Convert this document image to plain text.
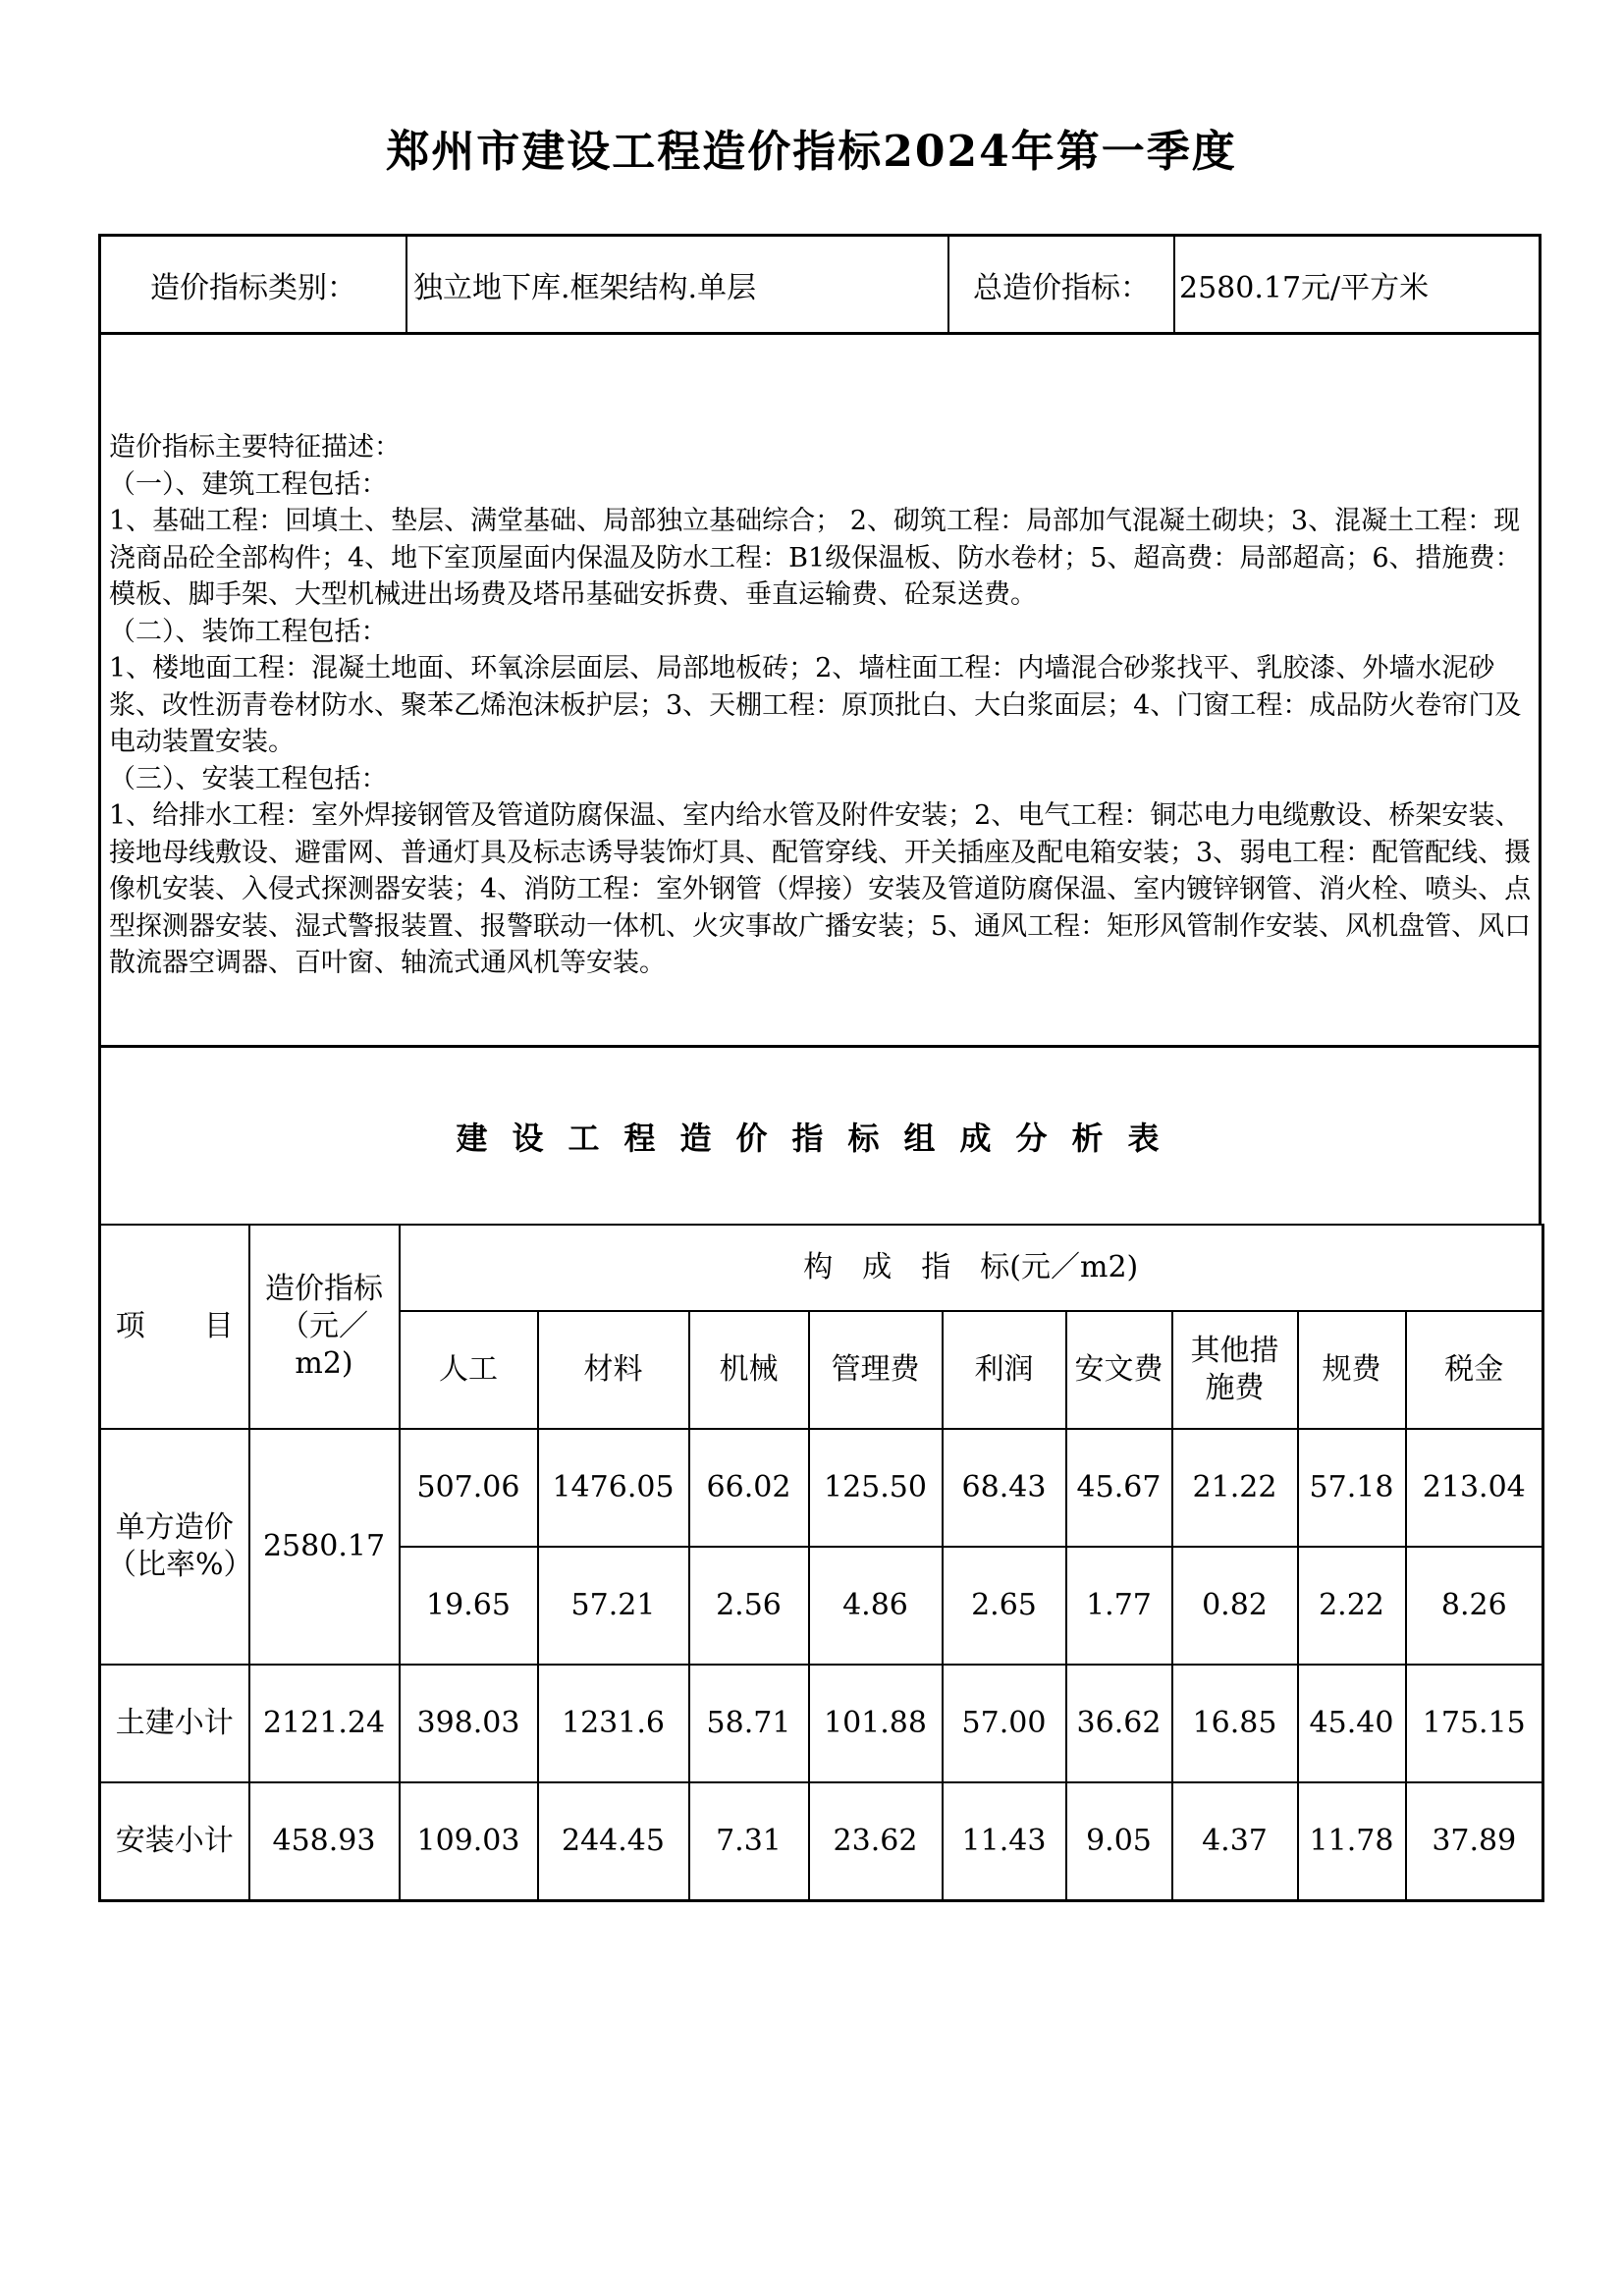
郑州市建设工程造价指标2024年第一季度
造价指标类别：	独立地下库.框架结构.单层	总造价指标：	2580.17元/平方米

造价指标主要特征描述：

（一）、建筑工程包括：

1、基础工程：回填土、垫层、满堂基础、局部独立基础综合； 2、砌筑工程：局部加气混凝土砌块；3、混凝土工程：现浇商品砼全部构件；4、地下室顶屋面内保温及防水工程：B1级保温板、防水卷材；5、超高费：局部超高；6、措施费：模板、脚手架、大型机械进出场费及塔吊基础安拆费、垂直运输费、砼泵送费。

（二）、装饰工程包括：

1、楼地面工程：混凝土地面、环氧涂层面层、局部地板砖；2、墙柱面工程：内墙混合砂浆找平、乳胶漆、外墙水泥砂浆、改性沥青卷材防水、聚苯乙烯泡沫板护层；3、天棚工程：原顶批白、大白浆面层；4、门窗工程：成品防火卷帘门及电动装置安装。

（三）、安装工程包括：

1、给排水工程：室外焊接钢管及管道防腐保温、室内给水管及附件安装；2、电气工程：铜芯电力电缆敷设、桥架安装、接地母线敷设、避雷网、普通灯具及标志诱导装饰灯具、配管穿线、开关插座及配电箱安装；3、弱电工程：配管配线、摄像机安装、入侵式探测器安装；4、消防工程：室外钢管（焊接）安装及管道防腐保温、室内镀锌钢管、消火栓、喷头、点型探测器安装、湿式警报装置、报警联动一体机、火灾事故广播安装；5、通风工程：矩形风管制作安装、风机盘管、风口散流器空调器、百叶窗、轴流式通风机等安装。

建设工程造价指标组成分析表
项　　目	造价指标（元／m2)	构　成　指　标(元／m2)								
		人工	材料	机械	管理费	利润	安文费	其他措施费	规费	税金
单方造价（比率%）	2580.17	507.06	1476.05	66.02	125.50	68.43	45.67	21.22	57.18	213.04
		19.65	57.21	2.56	4.86	2.65	1.77	0.82	2.22	8.26
土建小计	2121.24	398.03	1231.6	58.71	101.88	57.00	36.62	16.85	45.40	175.15
安装小计	458.93	109.03	244.45	7.31	23.62	11.43	9.05	4.37	11.78	37.89
